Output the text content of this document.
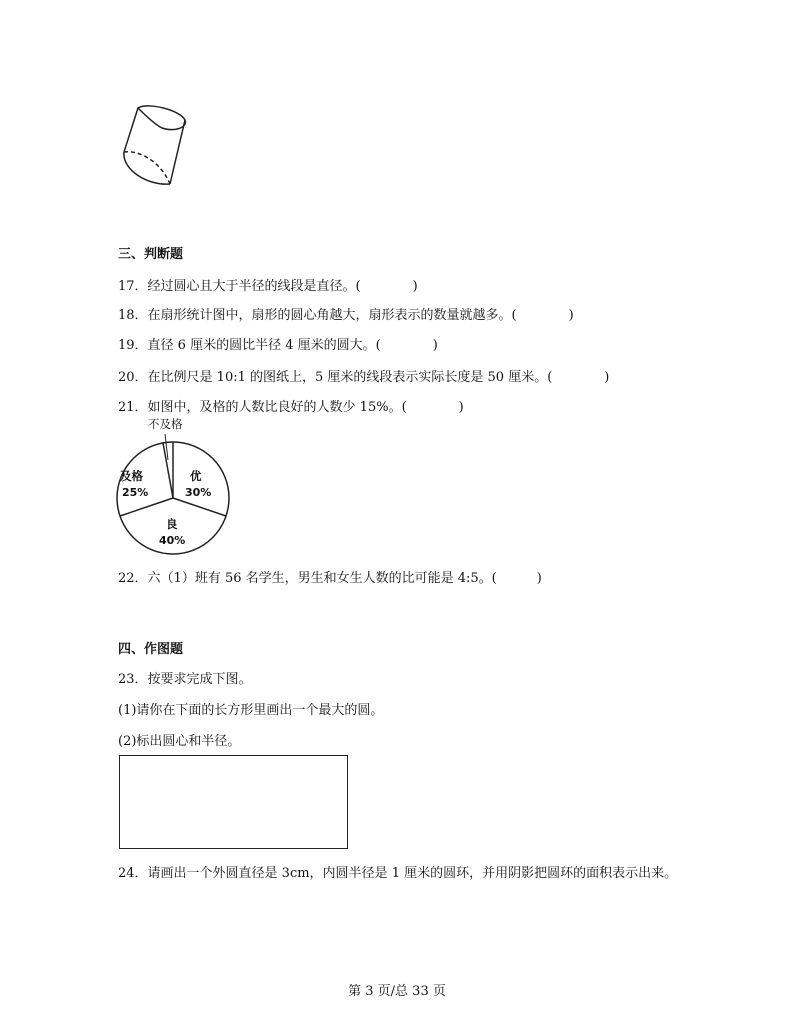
三、判断题
17．经过圆心且大于半径的线段是直径。(	)
18．在扇形统计图中，扇形的圆心角越大，扇形表示的数量就越多。(	)
19．直径 6 厘米的圆比半径 4 厘米的圆大。(	)
20．在比例尺是 10:1 的图纸上，5 厘米的线段表示实际长度是 50 厘米。(	)
21．如图中，及格的人数比良好的人数少 15%。(	)
不及格
优
30%
良
40%
及格
25%
22．六（1）班有 56 名学生，男生和女生人数的比可能是 4:5。(	)
四、作图题
23．按要求完成下图。
(1)请你在下面的长方形里画出一个最大的圆。
(2)标出圆心和半径。
24．请画出一个外圆直径是 3cm，内圆半径是 1 厘米的圆环，并用阴影把圆环的面积表示出来。
第 3 页/总 33 页
